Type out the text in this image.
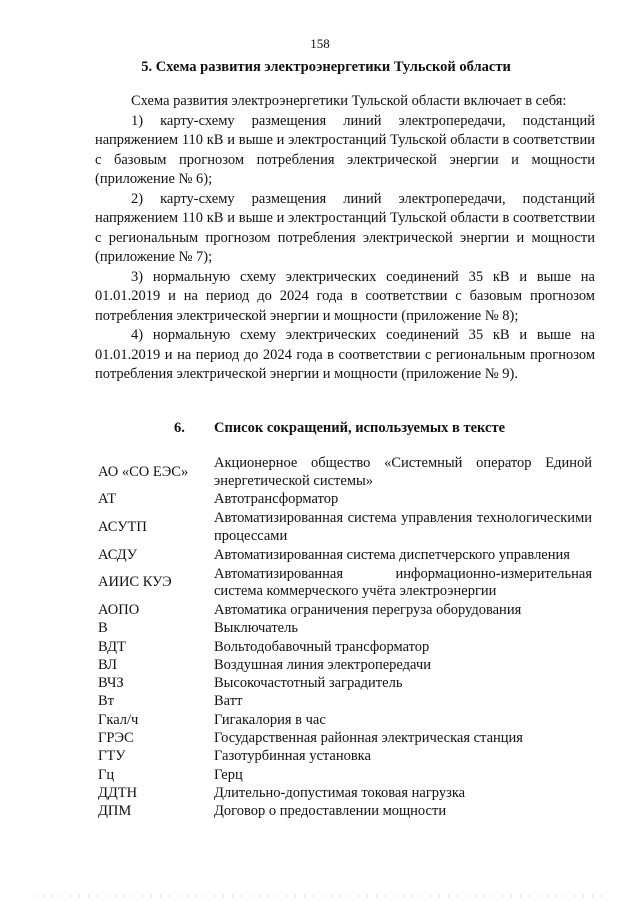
158
5. Схема развития электроэнергетики Тульской области

Схема развития электроэнергетики Тульской области включает в себя:

1) карту-схему размещения линий электропередачи, подстанций напряжением 110 кВ и выше и электростанций Тульской области в соответствии с базовым прогнозом потребления электрической энергии и мощности (приложение № 6);

2) карту-схему размещения линий электропередачи, подстанций напряжением 110 кВ и выше и электростанций Тульской области в соответствии с региональным прогнозом потребления электрической энергии и мощности (приложение № 7);

3) нормальную схему электрических соединений 35 кВ и выше на 01.01.2019 и на период до 2024 года в соответствии с базовым прогнозом потребления электрической энергии и мощности (приложение № 8);

4) нормальную схему электрических соединений 35 кВ и выше на 01.01.2019 и на период до 2024 года в соответствии с региональным прогнозом потребления электрической энергии и мощности (приложение № 9).

6. Список сокращений, используемых в тексте
АО «СО ЕЭС»	Акционерное общество «Системный оператор Единой энергетической системы»
АТ	Автотрансформатор
АСУТП	Автоматизированная система управления технологическими процессами
АСДУ	Автоматизированная система диспетчерского управления
АИИС КУЭ	Автоматизированная информационно-измерительная система коммерческого учёта электроэнергии
АОПО	Автоматика ограничения перегруза оборудования
В	Выключатель
ВДТ	Вольтодобавочный трансформатор
ВЛ	Воздушная линия электропередачи
ВЧЗ	Высокочастотный заградитель
Вт	Ватт
Гкал/ч	Гигакалория в час
ГРЭС	Государственная районная электрическая станция
ГТУ	Газотурбинная установка
Гц	Герц
ДДТН	Длительно-допустимая токовая нагрузка
ДПМ	Договор о предоставлении мощности
